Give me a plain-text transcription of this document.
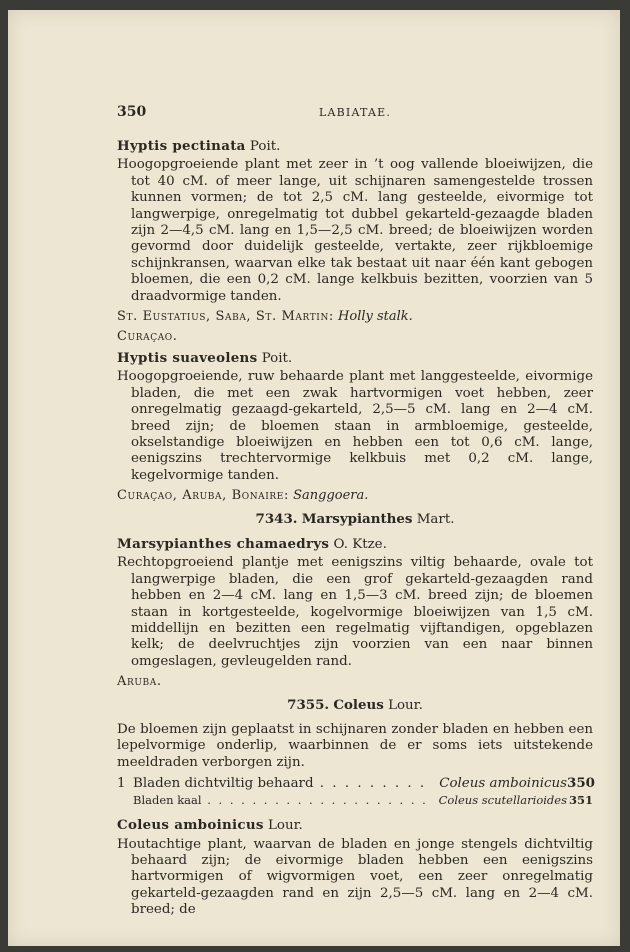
350	LABIATAE.

Hyptis pectinata Poit.

Hoogopgroeiende plant met zeer in ’t oog vallende bloeiwijzen, die tot 40 cM. of meer lange, uit schijnaren samengestelde trossen kunnen vormen; de tot 2,5 cM. lang gesteelde, eivormige tot langwerpige, onregelmatig tot dubbel gekarteld-gezaagde bladen zijn 2—4,5 cM. lang en 1,5—2,5 cM. breed; de bloeiwijzen worden gevormd door duidelijk gesteelde, vertakte, zeer rijkbloemige schijnkransen, waarvan elke tak bestaat uit naar één kant gebogen bloemen, die een 0,2 cM. lange kelkbuis bezitten, voorzien van 5 draadvormige tanden.

St. Eustatius, Saba, St. Martin: Holly stalk.

Curaçao.

Hyptis suaveolens Poit.

Hoogopgroeiende, ruw behaarde plant met langgesteelde, eivormige bladen, die met een zwak hartvormigen voet hebben, zeer onregelmatig gezaagd-gekarteld, 2,5—5 cM. lang en 2—4 cM. breed zijn; de bloemen staan in armbloemige, gesteelde, okselstandige bloeiwijzen en hebben een tot 0,6 cM. lange, eenigszins trechtervormige kelkbuis met 0,2 cM. lange, kegelvormige tanden.

Curaçao, Aruba, Bonaire: Sanggoera.

7343. Marsypianthes Mart.

Marsypianthes chamaedrys O. Ktze.

Rechtopgroeiend plantje met eenigszins viltig behaarde, ovale tot langwerpige bladen, die een grof gekarteld-gezaagden rand hebben en 2—4 cM. lang en 1,5—3 cM. breed zijn; de bloemen staan in kortgesteelde, kogelvormige bloeiwijzen van 1,5 cM. middellijn en bezitten een regelmatig vijftandigen, opgeblazen kelk; de deelvruchtjes zijn voorzien van een naar binnen omgeslagen, gevleugelden rand.

Aruba.

7355. Coleus Lour.

De bloemen zijn geplaatst in schijnaren zonder bladen en hebben een lepelvormige onderlip, waarbinnen de er soms iets uitstekende meeldraden verborgen zijn.

1 Bladen dichtviltig behaard . . .	Coleus amboinicus 350
Bladen kaal . . .	Coleus scutellarioides 351

Coleus amboinicus Lour.

Houtachtige plant, waarvan de bladen en jonge stengels dichtviltig behaard zijn; de eivormige bladen hebben een eenigszins hartvormigen of wigvormigen voet, een zeer onregelmatig gekarteld-gezaagden rand en zijn 2,5—5 cM. lang en 2—4 cM. breed; de
